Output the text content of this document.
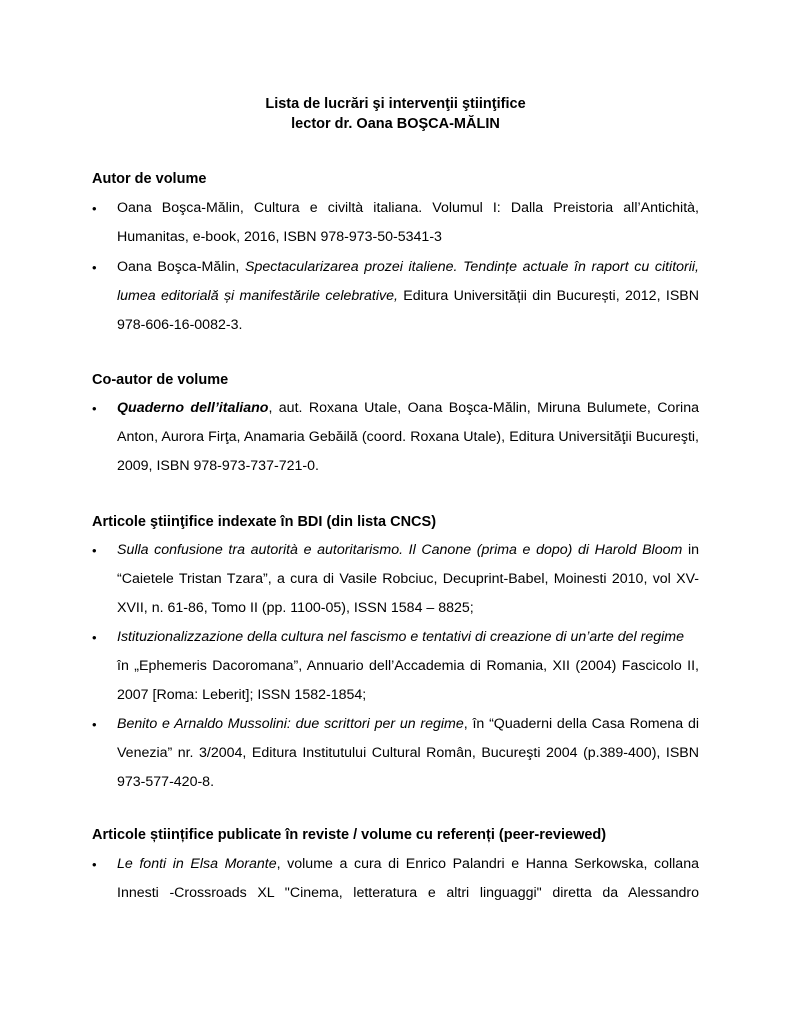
Lista de lucrări şi intervenţii ştiinţifice
lector dr. Oana BOŞCA-MĂLIN
Autor de volume
• Oana Boşca-Mălin, Cultura e civiltà italiana. Volumul I: Dalla Preistoria all’Antichità,
Humanitas, e-book, 2016, ISBN 978-973-50-5341-3
• Oana Boşca-Mălin, Spectacularizarea prozei italiene. Tendințe actuale în raport cu cititorii,
lumea editorială și manifestările celebrative, Editura Universității din București, 2012, ISBN
978-606-16-0082-3.
Co-autor de volume
• Quaderno dell’italiano, aut. Roxana Utale, Oana Boşca-Mălin, Miruna Bulumete, Corina
Anton, Aurora Firţa, Anamaria Gebăilă (coord. Roxana Utale), Editura Universităţii Bucureşti,
2009, ISBN 978-973-737-721-0.
Articole ştiinţifice indexate în BDI (din lista CNCS)
• Sulla confusione tra autorità e autoritarismo. Il Canone (prima e dopo) di Harold Bloom in
“Caietele Tristan Tzara”, a cura di Vasile Robciuc, Decuprint-Babel, Moinesti 2010, vol XV-
XVII, n. 61-86, Tomo II (pp. 1100-05), ISSN 1584 – 8825;
• Istituzionalizzazione della cultura nel fascismo e tentativi di creazione di un’arte del regime
în „Ephemeris Dacoromana”, Annuario dell’Accademia di Romania, XII (2004) Fascicolo II,
2007 [Roma: Leberit]; ISSN 1582-1854;
• Benito e Arnaldo Mussolini: due scrittori per un regime, în “Quaderni della Casa Romena di
Venezia” nr. 3/2004, Editura Institutului Cultural Român, Bucureşti 2004 (p.389-400), ISBN
973-577-420-8.
Articole științifice publicate în reviste / volume cu referenți (peer-reviewed)
• Le fonti in Elsa Morante, volume a cura di Enrico Palandri e Hanna Serkowska, collana
Innesti -Crossroads XL "Cinema, letteratura e altri linguaggi" diretta da Alessandro
